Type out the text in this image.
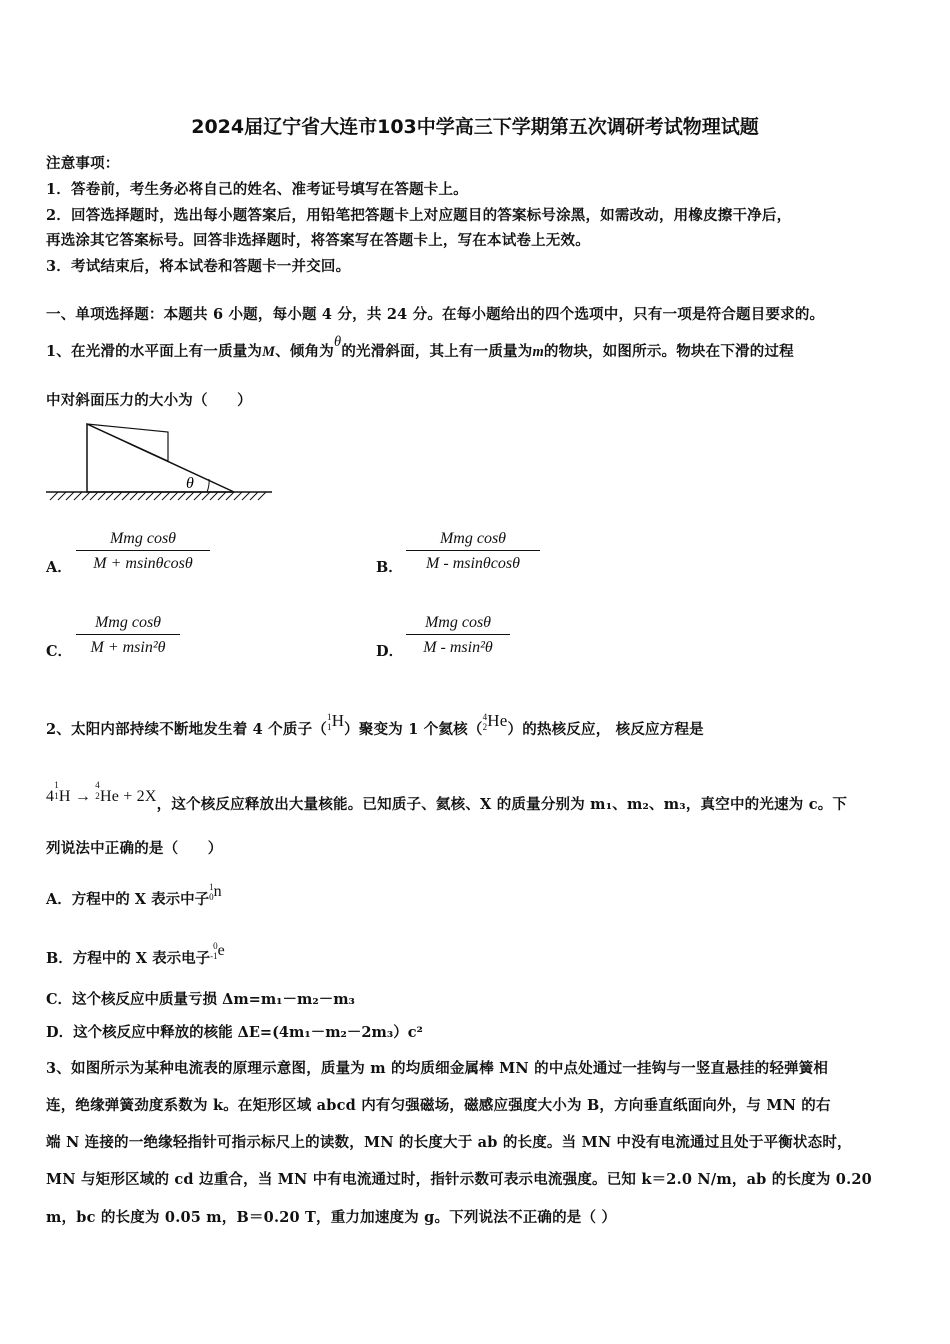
2024届辽宁省大连市103中学高三下学期第五次调研考试物理试题
注意事项：
1．答卷前，考生务必将自己的姓名、准考证号填写在答题卡上。
2．回答选择题时，选出每小题答案后，用铅笔把答题卡上对应题目的答案标号涂黑，如需改动，用橡皮擦干净后，
再选涂其它答案标号。回答非选择题时，将答案写在答题卡上，写在本试卷上无效。
3．考试结束后，将本试卷和答题卡一并交回。
一、单项选择题：本题共 6 小题，每小题 4 分，共 24 分。在每小题给出的四个选项中，只有一项是符合题目要求的。
1、在光滑的水平面上有一质量为M、倾角为θ的光滑斜面，其上有一质量为m的物块，如图所示。物块在下滑的过程
中对斜面压力的大小为（　　）
θ
A．
Mmg cosθ
M + msinθcosθ	B．
Mmg cosθ
M - msinθcosθ
C．
Mmg cosθ
M + msin²θ	D．
Mmg cosθ
M - msin²θ
2、太阳内部持续不断地发生着 4 个质子（1
1H）聚变为 1 个氦核（4
2He）的热核反应， 核反应方程是
41
1H → 4
2He + 2X，这个核反应释放出大量核能。已知质子、氦核、X 的质量分别为 m₁、m₂、m₃，真空中的光速为 c。下
列说法中正确的是（　　）
A．方程中的 X 表示中子1
0n
B．方程中的 X 表示电子0
-1e
C．这个核反应中质量亏损 Δm=m₁－m₂－m₃
D．这个核反应中释放的核能 ΔE=(4m₁－m₂－2m₃）c²
3、如图所示为某种电流表的原理示意图，质量为 m 的均质细金属棒 MN 的中点处通过一挂钩与一竖直悬挂的轻弹簧相
连，绝缘弹簧劲度系数为 k。在矩形区域 abcd 内有匀强磁场，磁感应强度大小为 B，方向垂直纸面向外，与 MN 的右
端 N 连接的一绝缘轻指针可指示标尺上的读数，MN 的长度大于 ab 的长度。当 MN 中没有电流通过且处于平衡状态时，
MN 与矩形区域的 cd 边重合，当 MN 中有电流通过时，指针示数可表示电流强度。已知 k＝2.0 N/m，ab 的长度为 0.20
m，bc 的长度为 0.05 m，B＝0.20 T，重力加速度为 g。下列说法不正确的是（ ）
